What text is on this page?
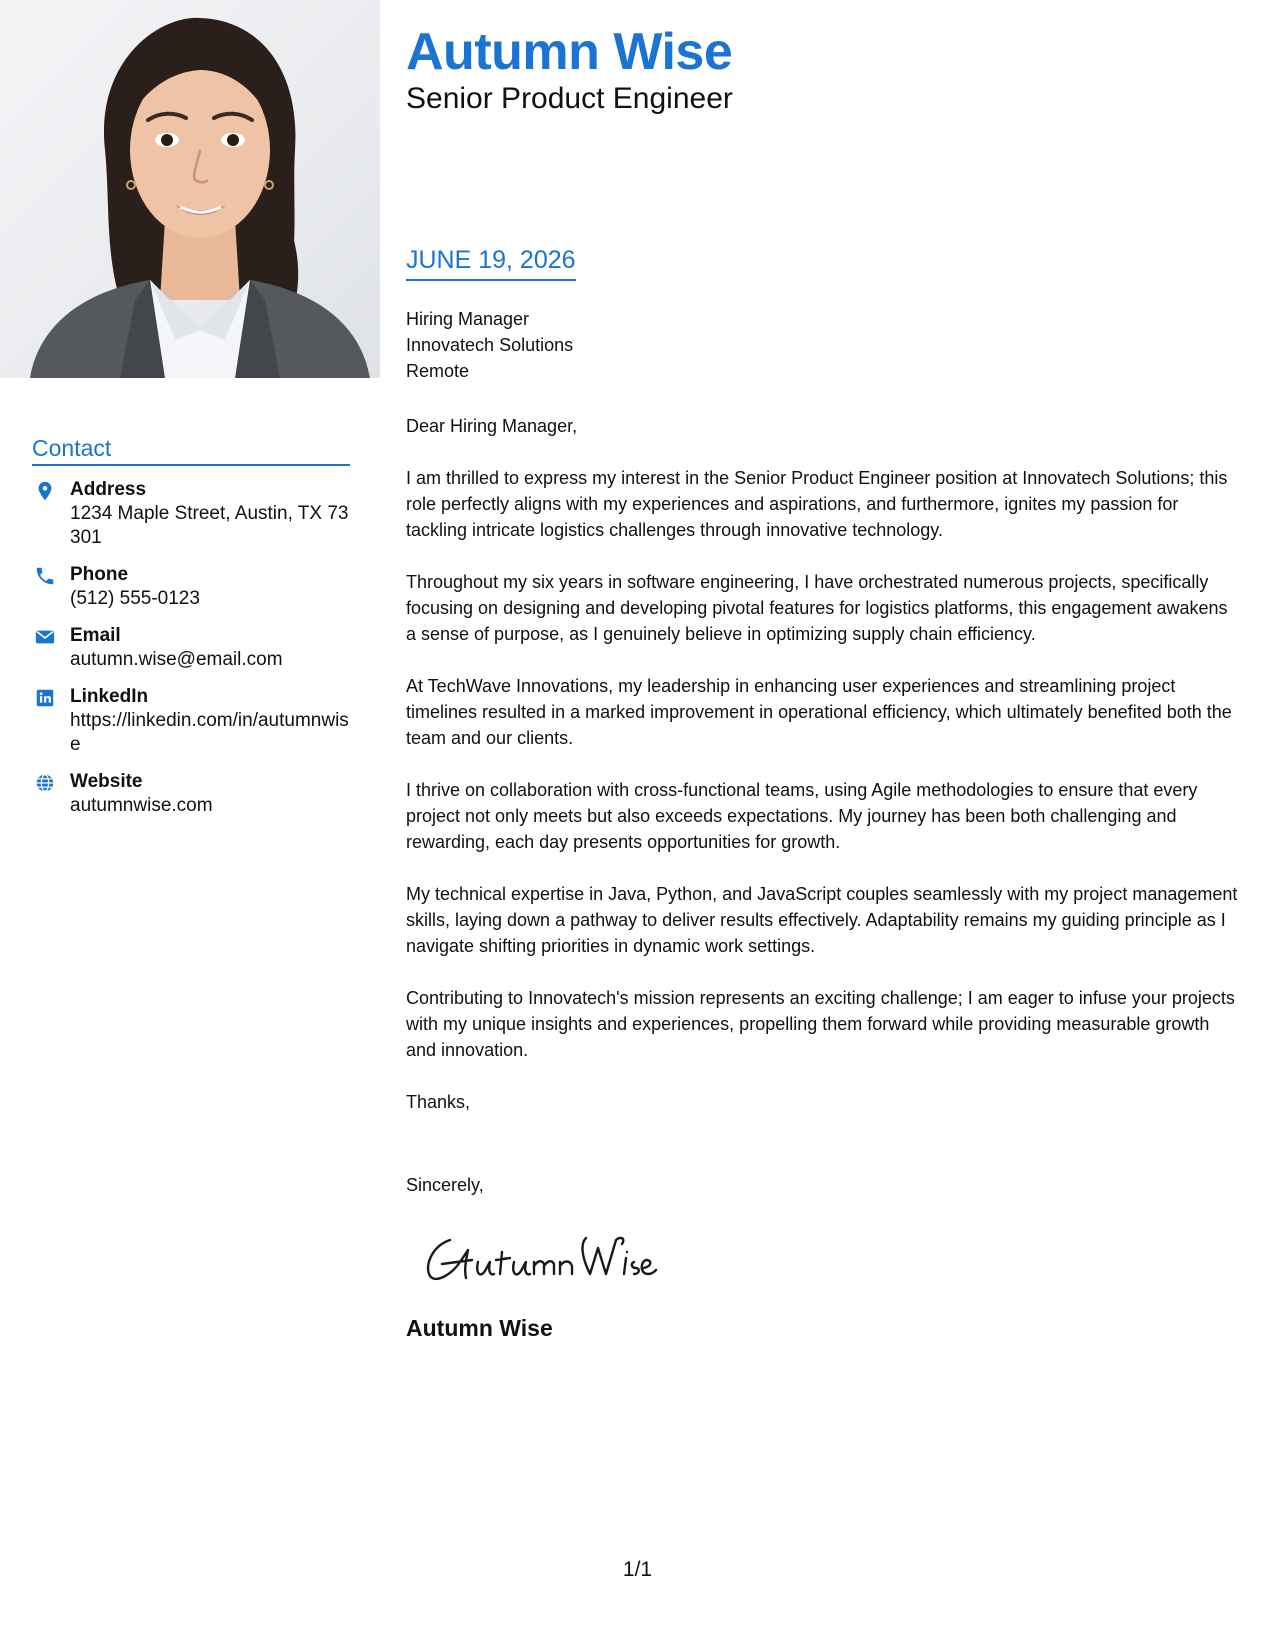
Contact
Address
1234 Maple Street, Austin, TX 73301
Phone
(512) 555-0123
Email
autumn.wise@email.com
LinkedIn
https://linkedin.com/in/autumnwise
Website
autumnwise.com
Autumn Wise
Senior Product Engineer
JUNE 19, 2026
Hiring Manager
Innovatech Solutions
Remote

Dear Hiring Manager,

I am thrilled to express my interest in the Senior Product Engineer position at Innovatech Solutions; this role perfectly aligns with my experiences and aspirations, and furthermore, ignites my passion for tackling intricate logistics challenges through innovative technology.

Throughout my six years in software engineering, I have orchestrated numerous projects, specifically focusing on designing and developing pivotal features for logistics platforms, this engagement awakens a sense of purpose, as I genuinely believe in optimizing supply chain efficiency.

At TechWave Innovations, my leadership in enhancing user experiences and streamlining project timelines resulted in a marked improvement in operational efficiency, which ultimately benefited both the team and our clients.

I thrive on collaboration with cross-functional teams, using Agile methodologies to ensure that every project not only meets but also exceeds expectations. My journey has been both challenging and rewarding, each day presents opportunities for growth.

My technical expertise in Java, Python, and JavaScript couples seamlessly with my project management skills, laying down a pathway to deliver results effectively. Adaptability remains my guiding principle as I navigate shifting priorities in dynamic work settings.

Contributing to Innovatech's mission represents an exciting challenge; I am eager to infuse your projects with my unique insights and experiences, propelling them forward while providing measurable growth and innovation.

Thanks,

Sincerely,
Autumn Wise
1/1
